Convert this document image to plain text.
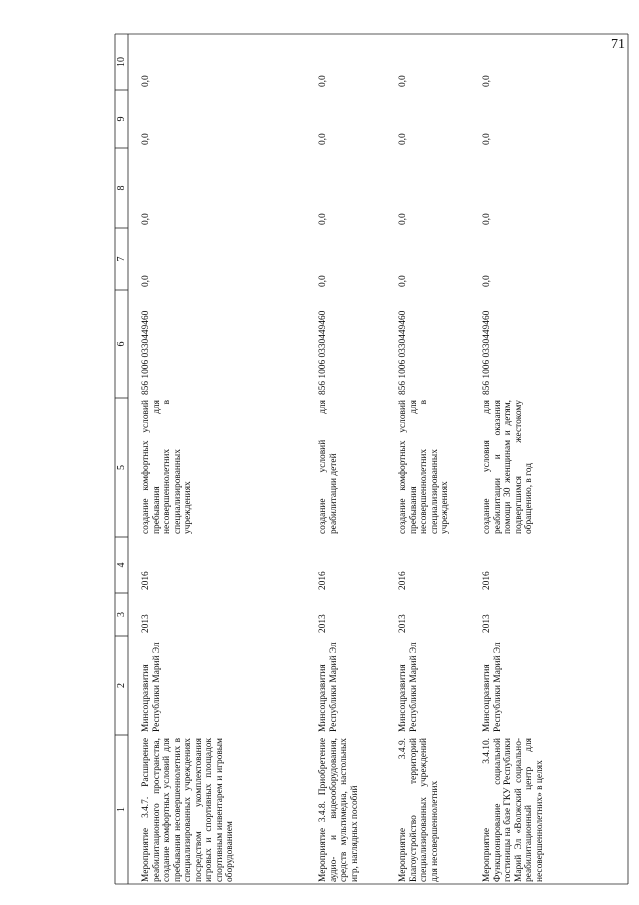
71
10
9
8
7
6
5
4
3
2
1 Мероприятие 3.4.7. Расширение реабилитационного пространства, создание комфортных условий для пребывания несовершеннолетних в специализированных учреждениях посредством укомплектования игровых и спортивных площадок спортивным инвентарем и игровым оборудованием
Минсоцразвития Республики Марий Эл
2013
2016
создание комфортных условий пребывания для несовершеннолетних в специализированных учреждениях
856 1006 0330449460
0,0
0,0
0,0
0,0
Мероприятие 3.4.8. Приобретение аудио- и видеооборудования, средств мультимедиа, настольных игр, наглядных пособий
Минсоцразвития Республики Марий Эл
2013
2016
создание условий для реабилитации детей
856 1006 0330449460
0,0
0,0
0,0
0,0
Мероприятие 3.4.9. Благоустройство территорий специализированных учреждений для несовершеннолетних
Минсоцразвития Республики Марий Эл
2013
2016
создание комфортных условий пребывания для несовершеннолетних в специализированных учреждениях
856 1006 0330449460
0,0
0,0
0,0
0,0
Мероприятие 3.4.10. Функционирование социальной гостиницы на базе ГКУ Республики Марий Эл «Волжский социально-реабилитационный центр для несовершеннолетних» в целях
Минсоцразвития Республики Марий Эл
2013
2016
создание условия для реабилитации и оказания помощи 30 женщинам и детям, подвергшимся жестокому обращению, в год
856 1006 0330449460
0,0
0,0
0,0
0,0
